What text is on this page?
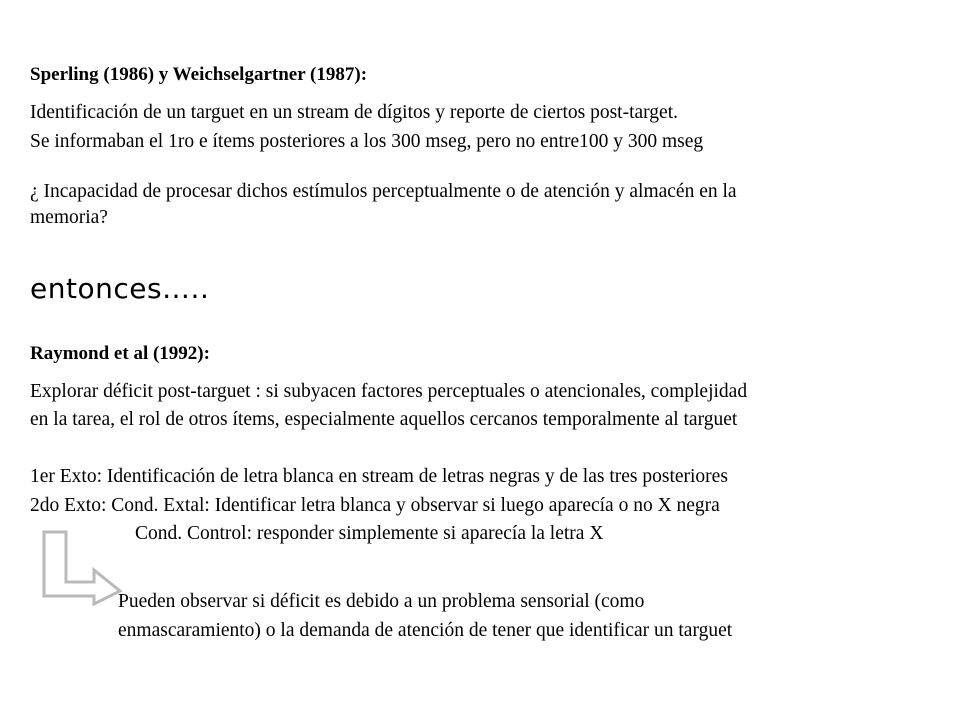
Sperling (1986) y Weichselgartner (1987):
Identificación de un targuet en un stream de dígitos y reporte de ciertos post-target.
Se informaban el 1ro e ítems posteriores a los 300 mseg, pero no entre100 y 300 mseg
¿ Incapacidad de procesar dichos estímulos perceptualmente o de atención y almacén en la
memoria?
entonces…..
Raymond et al (1992):
Explorar déficit post-targuet : si subyacen factores perceptuales o atencionales, complejidad
en la tarea, el rol de otros ítems, especialmente aquellos cercanos temporalmente al targuet
1er Exto: Identificación de letra blanca en stream de letras negras y de las tres posteriores
2do Exto: Cond. Extal: Identificar letra blanca y observar si luego aparecía o no X negra
Cond. Control: responder simplemente si aparecía la letra X
Pueden observar si déficit es debido a un problema sensorial (como
enmascaramiento) o la demanda de atención de tener que identificar un targuet
